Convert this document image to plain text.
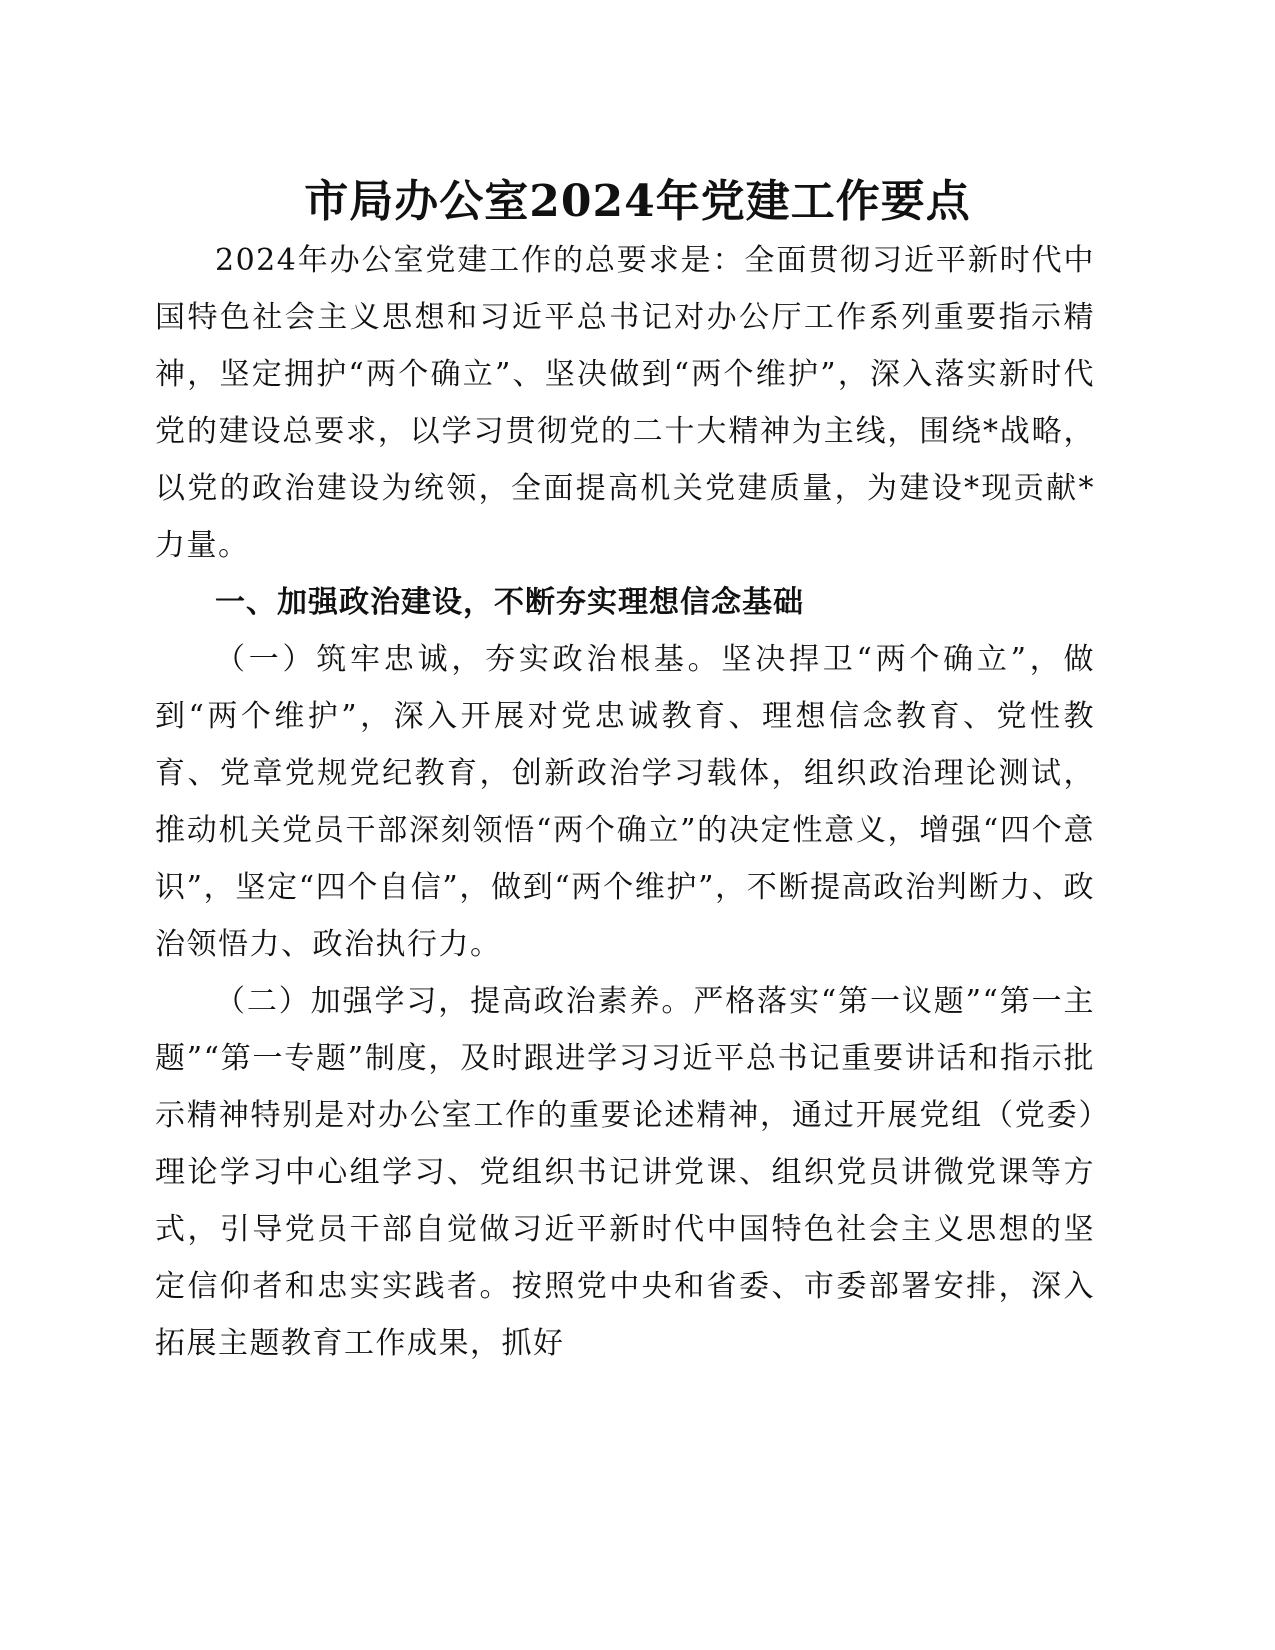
市局办公室2024年党建工作要点

2024年办公室党建工作的总要求是：全面贯彻习近平新时代中国特色社会主义思想和习近平总书记对办公厅工作系列重要指示精神，坚定拥护“两个确立”、坚决做到“两个维护”，深入落实新时代党的建设总要求，以学习贯彻党的二十大精神为主线，围绕*战略，以党的政治建设为统领，全面提高机关党建质量，为建设*现贡献*力量。

一、加强政治建设，不断夯实理想信念基础

（一）筑牢忠诚，夯实政治根基。坚决捍卫“两个确立”，做到“两个维护”，深入开展对党忠诚教育、理想信念教育、党性教育、党章党规党纪教育，创新政治学习载体，组织政治理论测试，推动机关党员干部深刻领悟“两个确立”的决定性意义，增强“四个意识”，坚定“四个自信”，做到“两个维护”，不断提高政治判断力、政治领悟力、政治执行力。

（二）加强学习，提高政治素养。严格落实“第一议题”“第一主题”“第一专题”制度，及时跟进学习习近平总书记重要讲话和指示批示精神特别是对办公室工作的重要论述精神，通过开展党组（党委）理论学习中心组学习、党组织书记讲党课、组织党员讲微党课等方式，引导党员干部自觉做习近平新时代中国特色社会主义思想的坚定信仰者和忠实实践者。按照党中央和省委、市委部署安排，深入拓展主题教育工作成果，抓好
